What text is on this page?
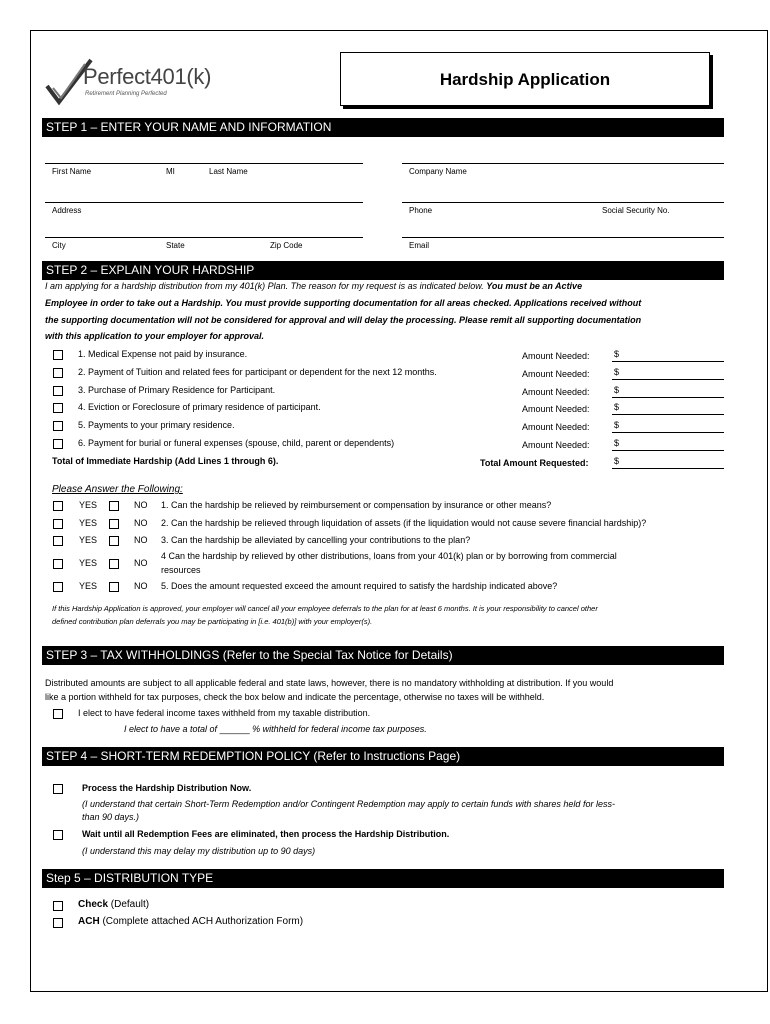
Perfect401(k)
Retirement Planning Perfected
Hardship Application
STEP 1 – ENTER YOUR NAME AND INFORMATION
First Name	MI	Last Name	Company Name
Address	Phone	Social Security No.
City	State	Zip Code	Email
STEP 2 – EXPLAIN YOUR HARDSHIP
I am applying for a hardship distribution from my 401(k) Plan. The reason for my request is as indicated below. You must be an Active
Employee in order to take out a Hardship. You must provide supporting documentation for all areas checked. Applications received without
the supporting documentation will not be considered for approval and will delay the processing. Please remit all supporting documentation
with this application to your employer for approval.
1. Medical Expense not paid by insurance.	Amount Needed:	$
2. Payment of Tuition and related fees for participant or dependent for the next 12 months.	Amount Needed:	$
3. Purchase of Primary Residence for Participant.	Amount Needed:	$
4. Eviction or Foreclosure of primary residence of participant.	Amount Needed:	$
5. Payments to your primary residence.	Amount Needed:	$
6. Payment for burial or funeral expenses (spouse, child, parent or dependents)	Amount Needed:	$
Total of Immediate Hardship (Add Lines 1 through 6).	Total Amount Requested:	$
Please Answer the Following:
YES	NO 1. Can the hardship be relieved by reimbursement or compensation by insurance or other means?
YES	NO 2. Can the hardship be relieved through liquidation of assets (if the liquidation would not cause severe financial hardship)?
YES	NO 3. Can the hardship be alleviated by cancelling your contributions to the plan?
YES	NO
4 Can the hardship by relieved by other distributions, loans from your 401(k) plan or by borrowing from commercial
resources
YES	NO 5. Does the amount requested exceed the amount required to satisfy the hardship indicated above?
If this Hardship Application is approved, your employer will cancel all your employee deferrals to the plan for at least 6 months. It is your responsibility to cancel other
defined contribution plan deferrals you may be participating in [i.e. 401(b)] with your employer(s).
STEP 3 – TAX WITHHOLDINGS (Refer to the Special Tax Notice for Details)
Distributed amounts are subject to all applicable federal and state laws, however, there is no mandatory withholding at distribution. If you would
like a portion withheld for tax purposes, check the box below and indicate the percentage, otherwise no taxes will be withheld.
I elect to have federal income taxes withheld from my taxable distribution.
I elect to have a total of ______ % withheld for federal income tax purposes.
STEP 4 – SHORT-TERM REDEMPTION POLICY (Refer to Instructions Page)
Process the Hardship Distribution Now.
(I understand that certain Short-Term Redemption and/or Contingent Redemption may apply to certain funds with shares held for less-
than 90 days.)
Wait until all Redemption Fees are eliminated, then process the Hardship Distribution.
(I understand this may delay my distribution up to 90 days)
Step 5 – DISTRIBUTION TYPE
Check (Default)
ACH (Complete attached ACH Authorization Form)
